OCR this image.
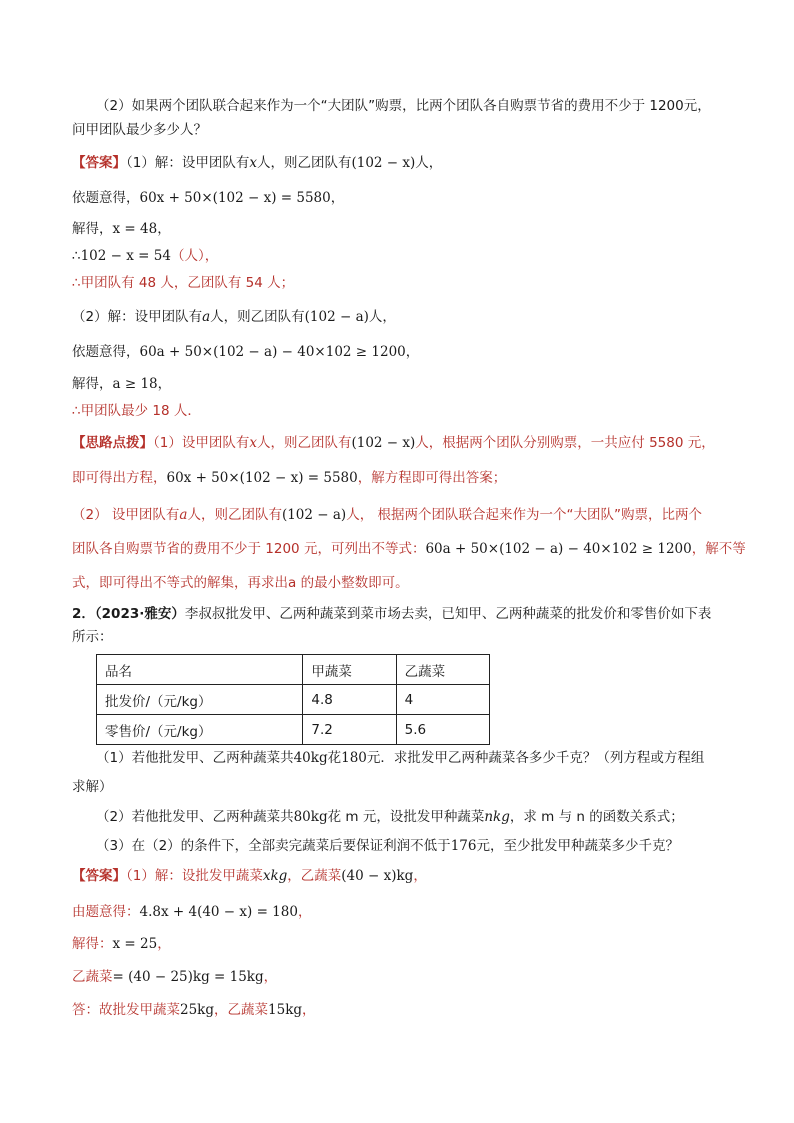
（2）如果两个团队联合起来作为一个“大团队”购票，比两个团队各自购票节省的费用不少于 1200元，
问甲团队最少多少人？
【答案】（1）解：设甲团队有x人，则乙团队有(102 − x)人，
依题意得，60x + 50×(102 − x) = 5580，
解得，x = 48，
∴102 − x = 54（人），
∴甲团队有 48 人，乙团队有 54 人；
（2）解：设甲团队有a人，则乙团队有(102 − a)人，
依题意得，60a + 50×(102 − a) − 40×102 ≥ 1200，
解得，a ≥ 18，
∴甲团队最少 18 人．
【思路点拨】（1）设甲团队有x人，则乙团队有(102 − x)人，根据两个团队分别购票，一共应付 5580 元，
即可得出方程，60x + 50×(102 − x) = 5580，解方程即可得出答案；
（2） 设甲团队有a人，则乙团队有(102 − a)人， 根据两个团队联合起来作为一个“大团队”购票，比两个
团队各自购票节省的费用不少于 1200 元，可列出不等式：60a + 50×(102 − a) − 40×102 ≥ 1200，解不等
式，即可得出不等式的解集，再求出a 的最小整数即可。
2．（2023·雅安）李叔叔批发甲、乙两种蔬菜到菜市场去卖，已知甲、乙两种蔬菜的批发价和零售价如下表
所示：
品名	甲蔬菜	乙蔬菜
批发价/（元/kg）	4.8	4
零售价/（元/kg）	7.2	5.6
（1）若他批发甲、乙两种蔬菜共40kg花180元．求批发甲乙两种蔬菜各多少千克？（列方程或方程组
求解）
（2）若他批发甲、乙两种蔬菜共80kg花 m 元，设批发甲种蔬菜nkg，求 m 与 n 的函数关系式；
（3）在（2）的条件下，全部卖完蔬菜后要保证利润不低于176元，至少批发甲种蔬菜多少千克？
【答案】（1）解：设批发甲蔬菜xkg，乙蔬菜(40 − x)kg，
由题意得：4.8x + 4(40 − x) = 180，
解得：x = 25，
乙蔬菜= (40 − 25)kg = 15kg，
答：故批发甲蔬菜25kg，乙蔬菜15kg，
